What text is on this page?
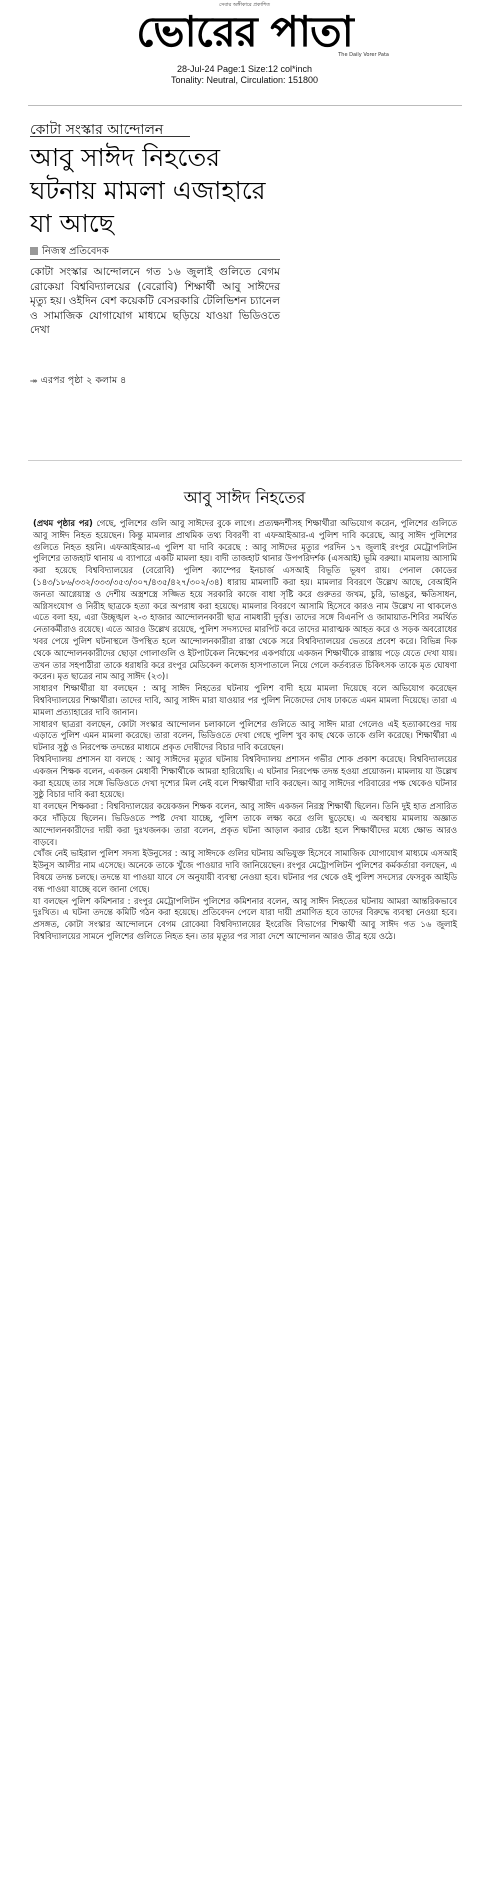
সেবার অঙ্গীকারে প্রকাশিত
ভোরের পাতা
The Daily Vorer Pata
28-Jul-24 Page:1 Size:12 col*inch
Tonality: Neutral, Circulation: 151800
কোটা সংস্কার আন্দোলন
আবু সাঈদ নিহতের ঘটনায় মামলা এজাহারে যা আছে
নিজস্ব প্রতিবেদক
কোটা সংস্কার আন্দোলনে গত ১৬ জুলাই গুলিতে বেগম রোকেয়া বিশ্ববিদ্যালয়ের (বেরোবি) শিক্ষার্থী আবু সাঈদের মৃত্যু হয়। ওইদিন বেশ কয়েকটি বেসরকারি টেলিভিশন চ্যানেল ও সামাজিক যোগাযোগ মাধ্যমে ছড়িয়ে যাওয়া ভিডিওতে দেখা
⯮ এরপর পৃষ্ঠা ২ কলাম ৪
আবু সাঈদ নিহতের

(প্রথম পৃষ্ঠার পর) গেছে, পুলিশের গুলি আবু সাঈদের বুকে লাগে। প্রত্যক্ষদর্শীসহ শিক্ষার্থীরা অভিযোগ করেন, পুলিশের গুলিতে আবু সাঈদ নিহত হয়েছেন। কিন্তু মামলার প্রাথমিক তথ্য বিবরণী বা এফআইআর-এ পুলিশ দাবি করেছে, আবু সাঈদ পুলিশের গুলিতে নিহত হয়নি। এফআইআর-এ পুলিশ যা দাবি করেছে : আবু সাঈদের মৃত্যুর পরদিন ১৭ জুলাই রংপুর মেট্রোপলিটন পুলিশের তাজহাট থানায় এ ব্যাপারে একটি মামলা হয়। বাদী তাজহাট থানার উপপরিদর্শক (এসআই) ভূমি বরুয়া। মামলায় আসামি করা হয়েছে বিশ্ববিদ্যালয়ের (বেরোবি) পুলিশ ক্যাম্পের ইনচার্জ এসআই বিভূতি ভূষণ রায়। পেনাল কোডের (১৪৩/১৮৬/৩৩২/৩৩৩/৩৫৩/৩০৭/৪৩৫/৪২৭/৩০২/৩৪) ধারায় মামলাটি করা হয়। মামলার বিবরণে উল্লেখ আছে, বেআইনি জনতা আগ্নেয়াস্ত্র ও দেশীয় অস্ত্রশস্ত্রে সজ্জিত হয়ে সরকারি কাজে বাধা সৃষ্টি করে গুরুতর জখম, চুরি, ভাঙচুর, ক্ষতিসাধন, অগ্নিসংযোগ ও নিরীহ ছাত্রকে হত্যা করে অপরাধ করা হয়েছে। মামলার বিবরণে আসামি হিসেবে কারও নাম উল্লেখ না থাকলেও এতে বলা হয়, এরা উচ্ছৃঙ্খল ২-৩ হাজার আন্দোলনকারী ছাত্র নামধারী দুর্বৃত্ত। তাদের সঙ্গে বিএনপি ও জামায়াত-শিবির সমর্থিত নেতাকর্মীরাও রয়েছে। এতে আরও উল্লেখ রয়েছে, পুলিশ সদস্যদের মারপিট করে তাদের মারাত্মক আহত করে ও সড়ক অবরোধের খবর পেয়ে পুলিশ ঘটনাস্থলে উপস্থিত হলে আন্দোলনকারীরা রাস্তা থেকে সরে বিশ্ববিদ্যালয়ের ভেতরে প্রবেশ করে। বিভিন্ন দিক থেকে আন্দোলনকারীদের ছোড়া গোলাগুলি ও ইটপাটকেল নিক্ষেপের একপর্যায়ে একজন শিক্ষার্থীকে রাস্তায় পড়ে যেতে দেখা যায়। তখন তার সহপাঠীরা তাকে ধরাধরি করে রংপুর মেডিকেল কলেজ হাসপাতালে নিয়ে গেলে কর্তব্যরত চিকিৎসক তাকে মৃত ঘোষণা করেন। মৃত ছাত্রের নাম আবু সাঈদ (২৩)।

সাধারণ শিক্ষার্থীরা যা বলছেন : আবু সাঈদ নিহতের ঘটনায় পুলিশ বাদী হয়ে মামলা দিয়েছে বলে অভিযোগ করেছেন বিশ্ববিদ্যালয়ের শিক্ষার্থীরা। তাদের দাবি, আবু সাঈদ মারা যাওয়ার পর পুলিশ নিজেদের দোষ ঢাকতে এমন মামলা দিয়েছে। তারা এ মামলা প্রত্যাহারের দাবি জানান।

সাধারণ ছাত্ররা বলছেন, কোটা সংস্কার আন্দোলন চলাকালে পুলিশের গুলিতে আবু সাঈদ মারা গেলেও এই হত্যাকাণ্ডের দায় এড়াতে পুলিশ এমন মামলা করেছে। তারা বলেন, ভিডিওতে দেখা গেছে পুলিশ খুব কাছ থেকে তাকে গুলি করেছে। শিক্ষার্থীরা এ ঘটনার সুষ্ঠু ও নিরপেক্ষ তদন্তের মাধ্যমে প্রকৃত দোষীদের বিচার দাবি করেছেন।

বিশ্ববিদ্যালয় প্রশাসন যা বলছে : আবু সাঈদের মৃত্যুর ঘটনায় বিশ্ববিদ্যালয় প্রশাসন গভীর শোক প্রকাশ করেছে। বিশ্ববিদ্যালয়ের একজন শিক্ষক বলেন, একজন মেধাবী শিক্ষার্থীকে আমরা হারিয়েছি। এ ঘটনার নিরপেক্ষ তদন্ত হওয়া প্রয়োজন। মামলায় যা উল্লেখ করা হয়েছে তার সঙ্গে ভিডিওতে দেখা দৃশ্যের মিল নেই বলে শিক্ষার্থীরা দাবি করছেন। আবু সাঈদের পরিবারের পক্ষ থেকেও ঘটনার সুষ্ঠু বিচার দাবি করা হয়েছে।

যা বলছেন শিক্ষকরা : বিশ্ববিদ্যালয়ের কয়েকজন শিক্ষক বলেন, আবু সাঈদ একজন নিরস্ত্র শিক্ষার্থী ছিলেন। তিনি দুই হাত প্রসারিত করে দাঁড়িয়ে ছিলেন। ভিডিওতে স্পষ্ট দেখা যাচ্ছে, পুলিশ তাকে লক্ষ্য করে গুলি ছুড়েছে। এ অবস্থায় মামলায় অজ্ঞাত আন্দোলনকারীদের দায়ী করা দুঃখজনক। তারা বলেন, প্রকৃত ঘটনা আড়াল করার চেষ্টা হলে শিক্ষার্থীদের মধ্যে ক্ষোভ আরও বাড়বে।

খোঁজ নেই ভাইরাল পুলিশ সদস্য ইউনুসের : আবু সাঈদকে গুলির ঘটনায় অভিযুক্ত হিসেবে সামাজিক যোগাযোগ মাধ্যমে এসআই ইউনুস আলীর নাম এসেছে। অনেকে তাকে খুঁজে পাওয়ার দাবি জানিয়েছেন। রংপুর মেট্রোপলিটন পুলিশের কর্মকর্তারা বলছেন, এ বিষয়ে তদন্ত চলছে। তদন্তে যা পাওয়া যাবে সে অনুযায়ী ব্যবস্থা নেওয়া হবে। ঘটনার পর থেকে ওই পুলিশ সদস্যের ফেসবুক আইডি বন্ধ পাওয়া যাচ্ছে বলে জানা গেছে।

যা বলছেন পুলিশ কমিশনার : রংপুর মেট্রোপলিটন পুলিশের কমিশনার বলেন, আবু সাঈদ নিহতের ঘটনায় আমরা আন্তরিকভাবে দুঃখিত। এ ঘটনা তদন্তে কমিটি গঠন করা হয়েছে। প্রতিবেদন পেলে যারা দায়ী প্রমাণিত হবে তাদের বিরুদ্ধে ব্যবস্থা নেওয়া হবে। প্রসঙ্গত, কোটা সংস্কার আন্দোলনে বেগম রোকেয়া বিশ্ববিদ্যালয়ের ইংরেজি বিভাগের শিক্ষার্থী আবু সাঈদ গত ১৬ জুলাই বিশ্ববিদ্যালয়ের সামনে পুলিশের গুলিতে নিহত হন। তার মৃত্যুর পর সারা দেশে আন্দোলন আরও তীব্র হয়ে ওঠে।
